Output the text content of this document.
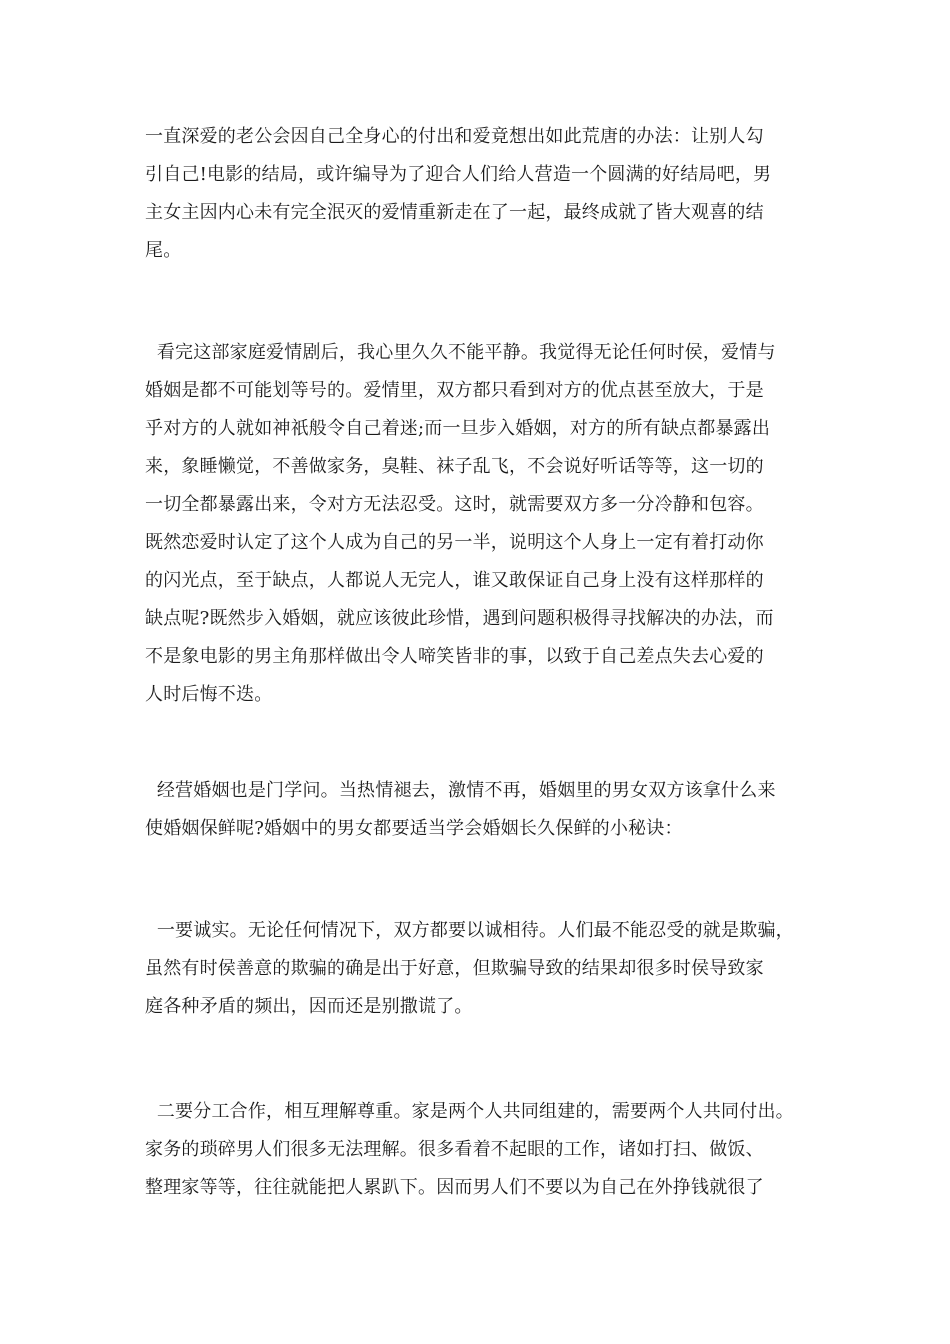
一直深爱的老公会因自己全身心的付出和爱竟想出如此荒唐的办法：让别人勾
引自己!电影的结局，或许编导为了迎合人们给人营造一个圆满的好结局吧，男
主女主因内心未有完全泯灭的爱情重新走在了一起，最终成就了皆大观喜的结
尾。

看完这部家庭爱情剧后，我心里久久不能平静。我觉得无论任何时侯，爱情与
婚姻是都不可能划等号的。爱情里，双方都只看到对方的优点甚至放大，于是
乎对方的人就如神祇般令自己着迷;而一旦步入婚姻，对方的所有缺点都暴露出
来，象睡懒觉，不善做家务，臭鞋、袜子乱飞，不会说好听话等等，这一切的
一切全都暴露出来，令对方无法忍受。这时，就需要双方多一分冷静和包容。
既然恋爱时认定了这个人成为自己的另一半，说明这个人身上一定有着打动你
的闪光点，至于缺点，人都说人无完人，谁又敢保证自己身上没有这样那样的
缺点呢?既然步入婚姻，就应该彼此珍惜，遇到问题积极得寻找解决的办法，而
不是象电影的男主角那样做出令人啼笑皆非的事，以致于自己差点失去心爱的
人时后悔不迭。

经营婚姻也是门学问。当热情褪去，激情不再，婚姻里的男女双方该拿什么来
使婚姻保鲜呢?婚姻中的男女都要适当学会婚姻长久保鲜的小秘诀：

一要诚实。无论任何情况下，双方都要以诚相待。人们最不能忍受的就是欺骗，
虽然有时侯善意的欺骗的确是出于好意，但欺骗导致的结果却很多时侯导致家
庭各种矛盾的频出，因而还是别撒谎了。

二要分工合作，相互理解尊重。家是两个人共同组建的，需要两个人共同付出。
家务的琐碎男人们很多无法理解。很多看着不起眼的工作，诸如打扫、做饭、
整理家等等，往往就能把人累趴下。因而男人们不要以为自己在外挣钱就很了
